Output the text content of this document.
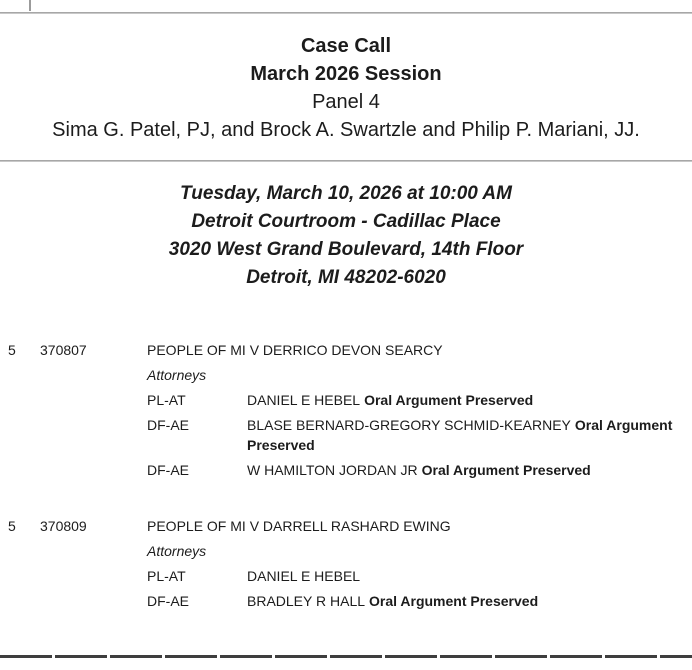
Case Call
March 2026 Session
Panel 4
Sima G. Patel, PJ, and Brock A. Swartzle and Philip P. Mariani, JJ.
Tuesday, March 10, 2026 at 10:00 AM
Detroit Courtroom - Cadillac Place
3020 West Grand Boulevard, 14th Floor
Detroit, MI 48202-6020
5	370807	PEOPLE OF MI V DERRICO DEVON SEARCY
Attorneys
PL-AT	DANIEL E HEBEL Oral Argument Preserved
DF-AE	BLASE BERNARD-GREGORY SCHMID-KEARNEY Oral Argument Preserved
DF-AE	W HAMILTON JORDAN JR Oral Argument Preserved
5	370809	PEOPLE OF MI V DARRELL RASHARD EWING
Attorneys
PL-AT	DANIEL E HEBEL
DF-AE	BRADLEY R HALL Oral Argument Preserved
